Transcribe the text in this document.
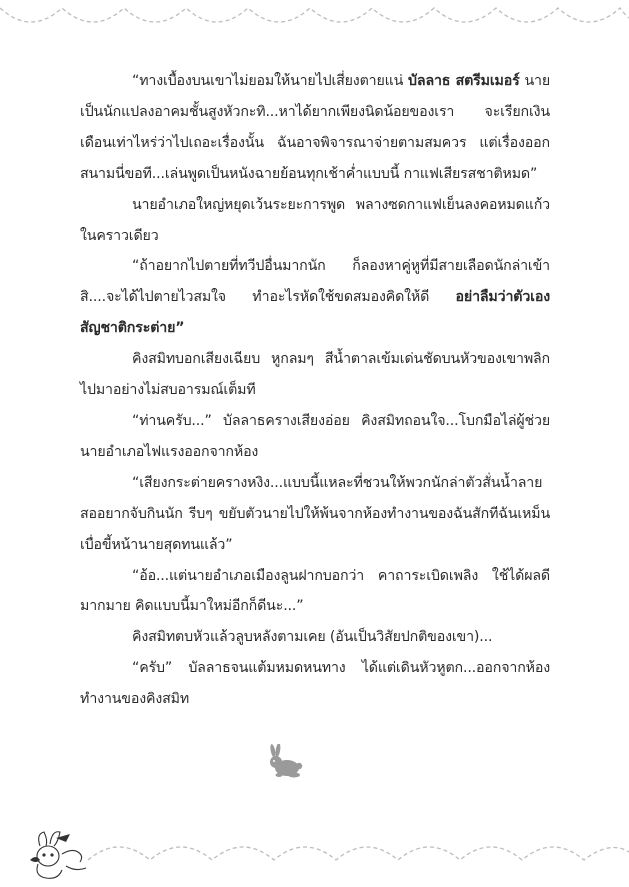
“ทางเบื้องบนเขาไม่ยอมให้นายไปเสี่ยงตายแน่ บัลลาธ สตรีมเมอร์ นายเป็นนักแปลงอาคมชั้นสูงหัวกะทิ...หาได้ยากเพียงนิดน้อยของเรา จะเรียกเงินเดือนเท่าไหร่ว่าไปเถอะเรื่องนั้น ฉันอาจพิจารณาจ่ายตามสมควร แต่เรื่องออกสนามนี่ขอที...เล่นพูดเป็นหนังฉายย้อนทุกเช้าค่ำแบบนี้ กาแฟเสียรสชาติหมด”

นายอำเภอใหญ่หยุดเว้นระยะการพูด พลางซดกาแฟเย็นลงคอหมดแก้วในคราวเดียว

“ถ้าอยากไปตายที่ทวีปอื่นมากนัก ก็ลองหาคู่หูที่มีสายเลือดนักล่าเข้าสิ....จะได้ไปตายไวสมใจ ทำอะไรหัดใช้ขดสมองคิดให้ดี อย่าลืมว่าตัวเองสัญชาติกระต่าย”

คิงสมิทบอกเสียงเฉียบ หูกลมๆ สีน้ำตาลเข้มเด่นชัดบนหัวของเขาพลิกไปมาอย่างไม่สบอารมณ์เต็มที

“ท่านครับ...” บัลลาธครางเสียงอ่อย คิงสมิทถอนใจ...โบกมือไล่ผู้ช่วยนายอำเภอไฟแรงออกจากห้อง

“เสียงกระต่ายครางหงิง...แบบนี้แหละที่ชวนให้พวกนักล่าตัวสั่นน้ำลายสออยากจับกินนัก รีบๆ ขยับตัวนายไปให้พ้นจากห้องทำงานของฉันสักทีฉันเหม็นเบื่อขี้หน้านายสุดทนแล้ว”

“อ้อ...แต่นายอำเภอเมืองลูนฝากบอกว่า คาถาระเบิดเพลิง ใช้ได้ผลดีมากมาย คิดแบบนี้มาใหม่อีกก็ดีนะ...”

คิงสมิทตบหัวแล้วลูบหลังตามเคย (อันเป็นวิสัยปกติของเขา)...

“ครับ” บัลลาธจนแต้มหมดหนทาง ได้แต่เดินหัวหูตก...ออกจากห้องทำงานของคิงสมิท
